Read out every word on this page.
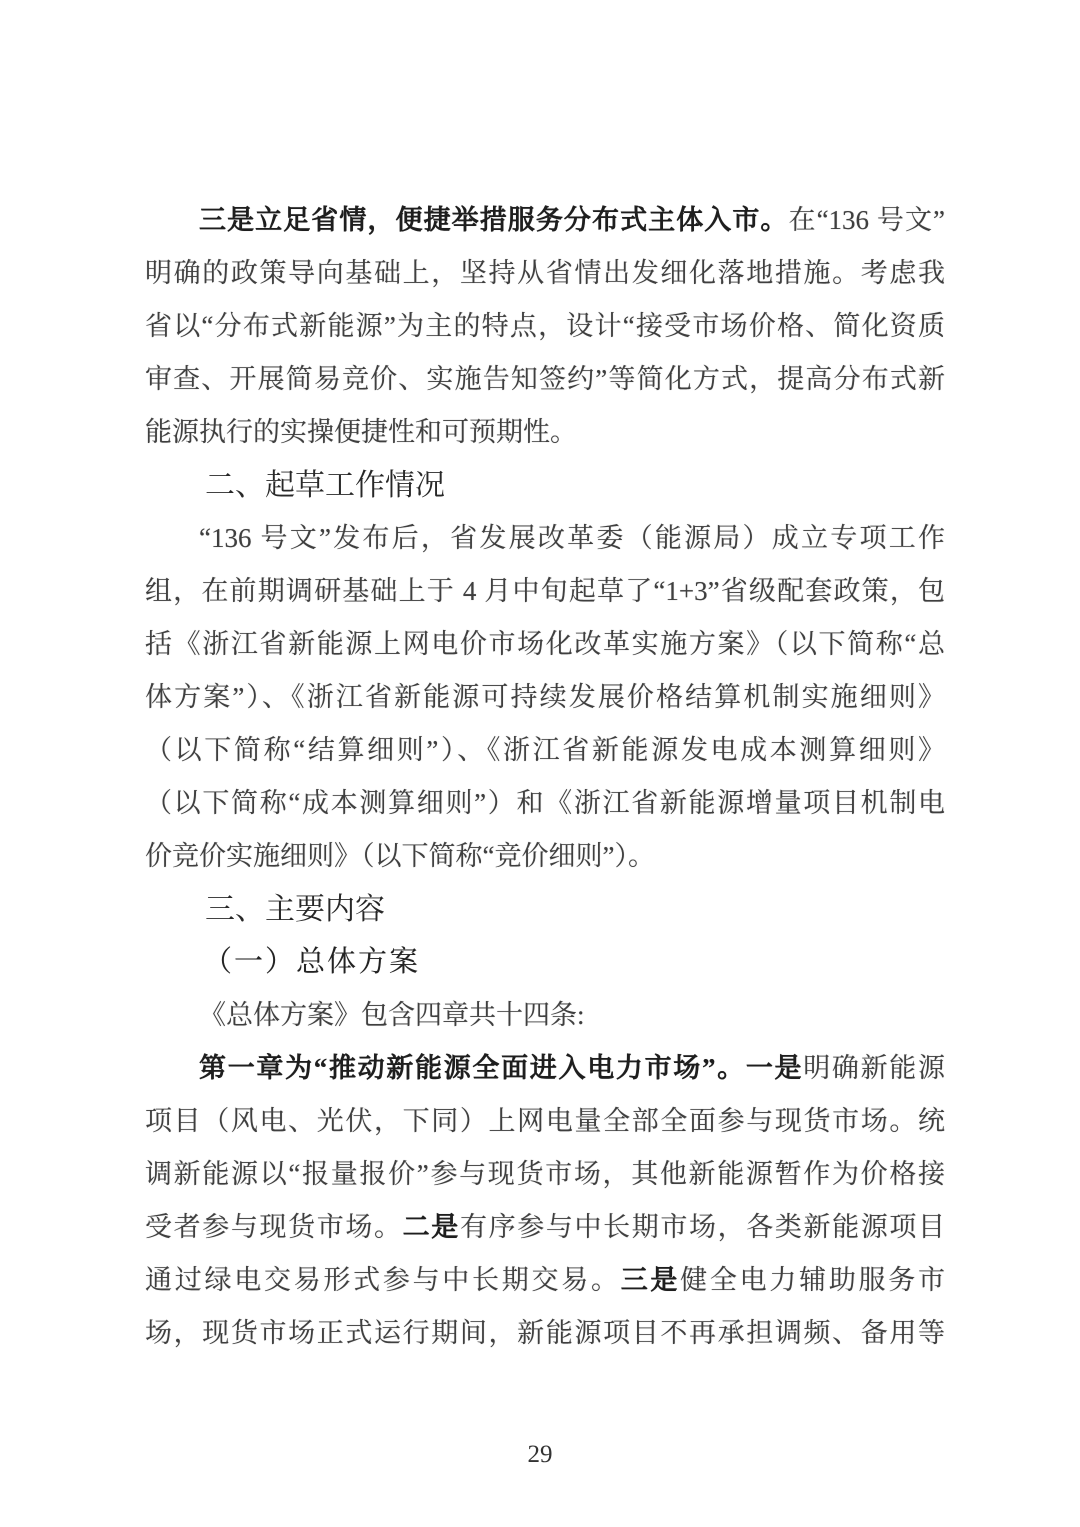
三是立足省情，便捷举措服务分布式主体入市。在“136 号文”
明确的政策导向基础上，坚持从省情出发细化落地措施。考虑我
省以“分布式新能源”为主的特点，设计“接受市场价格、简化资质
审查、开展简易竞价、实施告知签约”等简化方式，提高分布式新
能源执行的实操便捷性和可预期性。
二、起草工作情况
“136 号文”发布后，省发展改革委（能源局）成立专项工作
组，在前期调研基础上于 4 月中旬起草了“1+3”省级配套政策，包
括《浙江省新能源上网电价市场化改革实施方案》（以下简称“总
体方案”）、《浙江省新能源可持续发展价格结算机制实施细则》
（以下简称“结算细则”）、《浙江省新能源发电成本测算细则》
（以下简称“成本测算细则”）和《浙江省新能源增量项目机制电
价竞价实施细则》（以下简称“竞价细则”）。
三、主要内容
（一）总体方案
《总体方案》包含四章共十四条:
第一章为“推动新能源全面进入电力市场”。一是明确新能源
项目（风电、光伏，下同）上网电量全部全面参与现货市场。统
调新能源以“报量报价”参与现货市场，其他新能源暂作为价格接
受者参与现货市场。二是有序参与中长期市场，各类新能源项目
通过绿电交易形式参与中长期交易。三是健全电力辅助服务市
场，现货市场正式运行期间，新能源项目不再承担调频、备用等
29
